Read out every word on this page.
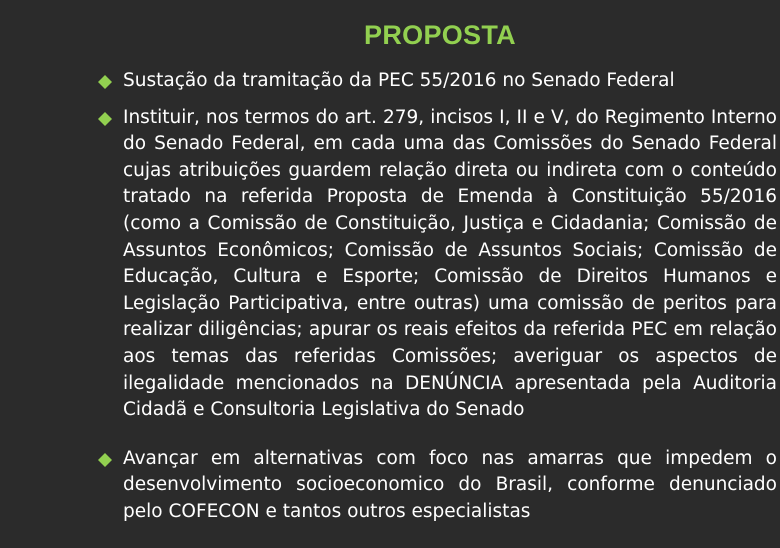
PROPOSTA
Sustação da tramitação da PEC 55/2016 no Senado Federal
Instituir, nos termos do art. 279, incisos I, II e V, do Regimento Interno do Senado Federal, em cada uma das Comissões do Senado Federal cujas atribuições guardem relação direta ou indireta com o conteúdo tratado na referida Proposta de Emenda à Constituição 55/2016 (como a Comissão de Constituição, Justiça e Cidadania; Comissão de Assuntos Econômicos; Comissão de Assuntos Sociais; Comissão de Educação, Cultura e Esporte; Comissão de Direitos Humanos e Legislação Participativa, entre outras) uma comissão de peritos para realizar diligências; apurar os reais efeitos da referida PEC em relação aos temas das referidas Comissões; averiguar os aspectos de ilegalidade mencionados na DENÚNCIA apresentada pela Auditoria Cidadã e Consultoria Legislativa do Senado
Avançar em alternativas com foco nas amarras que impedem o desenvolvimento socioeconomico do Brasil, conforme denunciado pelo COFECON e tantos outros especialistas
